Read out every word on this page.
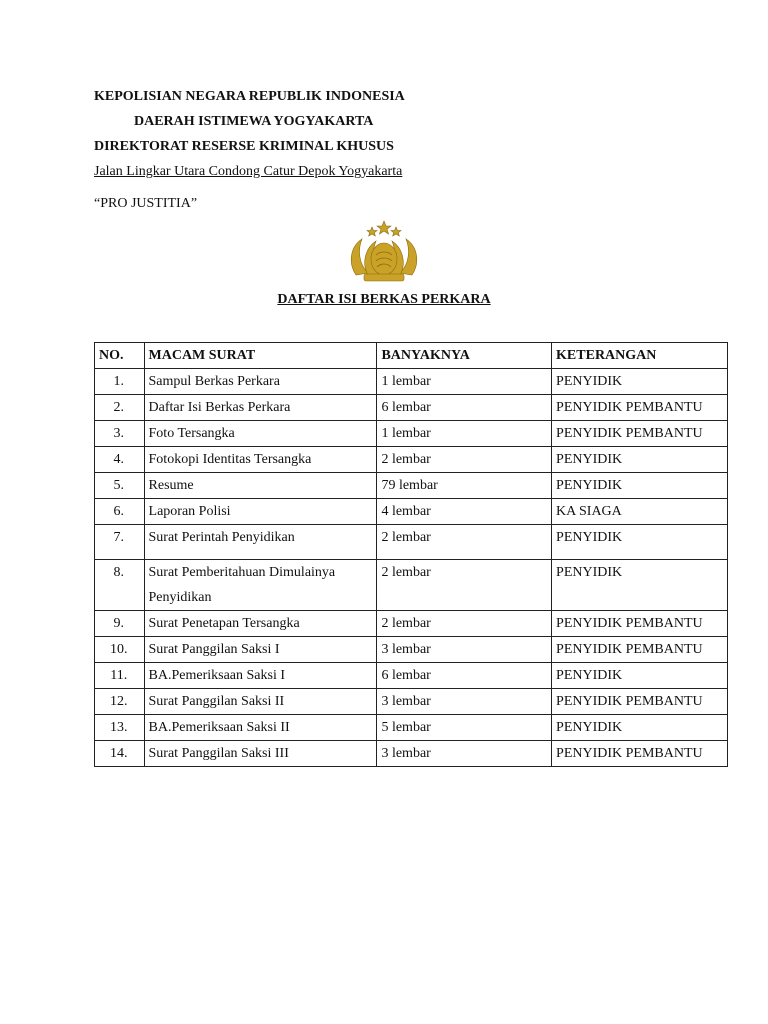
KEPOLISIAN NEGARA REPUBLIK INDONESIA
DAERAH ISTIMEWA YOGYAKARTA
DIREKTORAT RESERSE KRIMINAL KHUSUS
Jalan Lingkar Utara Condong Catur Depok Yogyakarta
“PRO JUSTITIA”
DAFTAR ISI BERKAS PERKARA
NO.	MACAM SURAT	BANYAKNYA	KETERANGAN
1.	Sampul Berkas Perkara	1 lembar	PENYIDIK
2.	Daftar Isi Berkas Perkara	6 lembar	PENYIDIK PEMBANTU
3.	Foto Tersangka	1 lembar	PENYIDIK PEMBANTU
4.	Fotokopi Identitas Tersangka	2 lembar	PENYIDIK
5.	Resume	79 lembar	PENYIDIK
6.	Laporan Polisi	4 lembar	KA SIAGA
7.	Surat Perintah Penyidikan	2 lembar	PENYIDIK
8.	Surat Pemberitahuan Dimulainya Penyidikan	2 lembar	PENYIDIK
9.	Surat Penetapan Tersangka	2 lembar	PENYIDIK PEMBANTU
10.	Surat Panggilan Saksi I	3 lembar	PENYIDIK PEMBANTU
11.	BA.Pemeriksaan Saksi I	6 lembar	PENYIDIK
12.	Surat Panggilan Saksi II	3 lembar	PENYIDIK PEMBANTU
13.	BA.Pemeriksaan Saksi II	5 lembar	PENYIDIK
14.	Surat Panggilan Saksi III	3 lembar	PENYIDIK PEMBANTU
